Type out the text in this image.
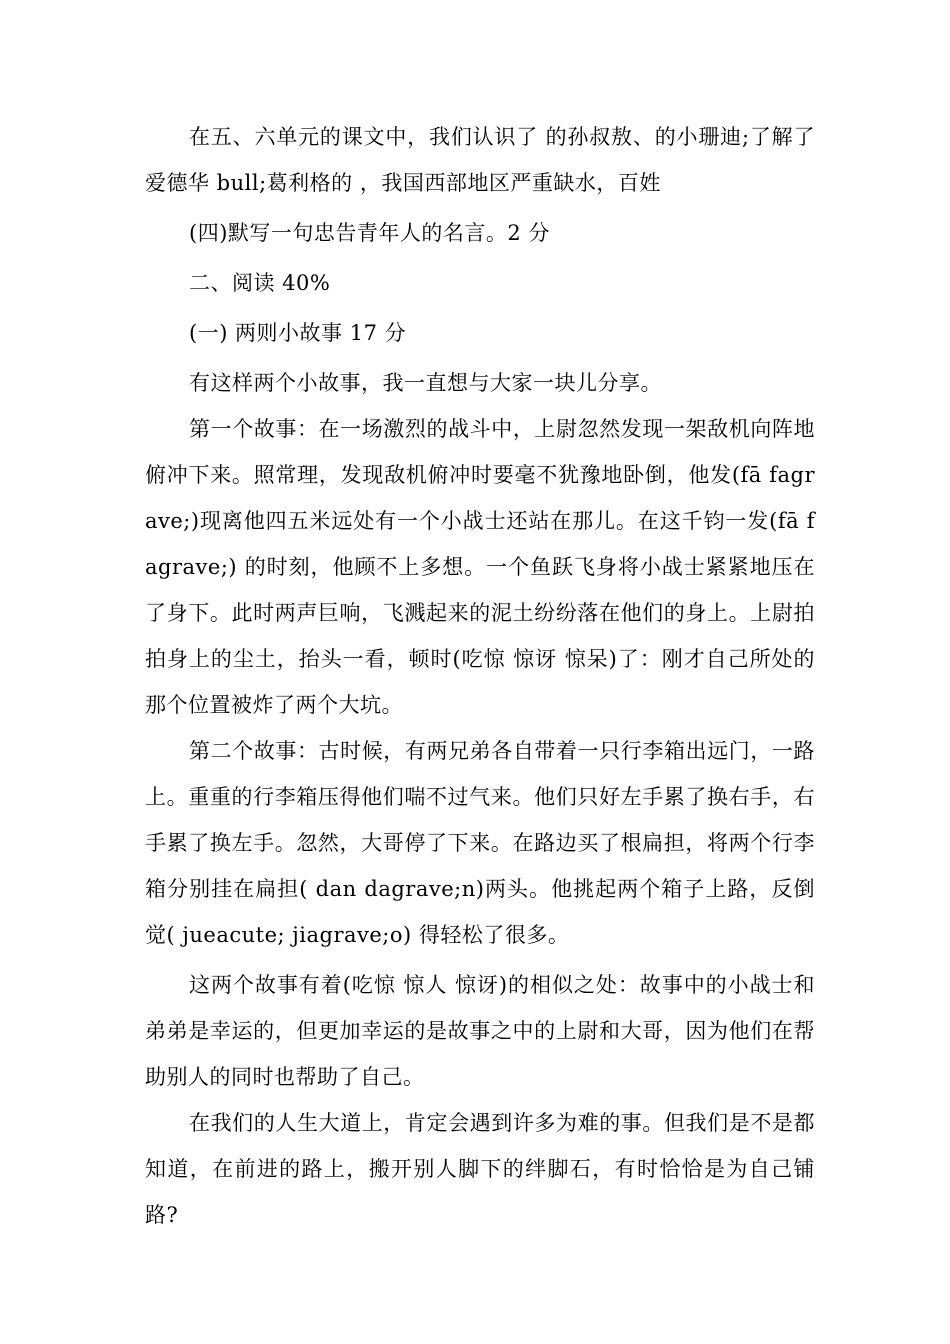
在五、六单元的课文中，我们认识了 的孙叔敖、的小珊迪;了解了爱德华 bull;葛利格的 ，我国西部地区严重缺水，百姓

(四)默写一句忠告青年人的名言。2 分

二、阅读 40%

(一) 两则小故事 17 分

有这样两个小故事，我一直想与大家一块儿分享。

第一个故事：在一场激烈的战斗中，上尉忽然发现一架敌机向阵地俯冲下来。照常理，发现敌机俯冲时要毫不犹豫地卧倒，他发(fā fagrave;)现离他四五米远处有一个小战士还站在那儿。在这千钧一发(fā fagrave;) 的时刻，他顾不上多想。一个鱼跃飞身将小战士紧紧地压在了身下。此时两声巨响，飞溅起来的泥土纷纷落在他们的身上。上尉拍拍身上的尘土，抬头一看，顿时(吃惊 惊讶 惊呆)了：刚才自己所处的那个位置被炸了两个大坑。

第二个故事：古时候，有两兄弟各自带着一只行李箱出远门，一路上。重重的行李箱压得他们喘不过气来。他们只好左手累了换右手，右手累了换左手。忽然，大哥停了下来。在路边买了根扁担，将两个行李箱分别挂在扁担( dan dagrave;n)两头。他挑起两个箱子上路，反倒觉( jueacute; jiagrave;o) 得轻松了很多。

这两个故事有着(吃惊 惊人 惊讶)的相似之处：故事中的小战士和弟弟是幸运的，但更加幸运的是故事之中的上尉和大哥，因为他们在帮助别人的同时也帮助了自己。

在我们的人生大道上，肯定会遇到许多为难的事。但我们是不是都知道，在前进的路上，搬开别人脚下的绊脚石，有时恰恰是为自己铺路?
